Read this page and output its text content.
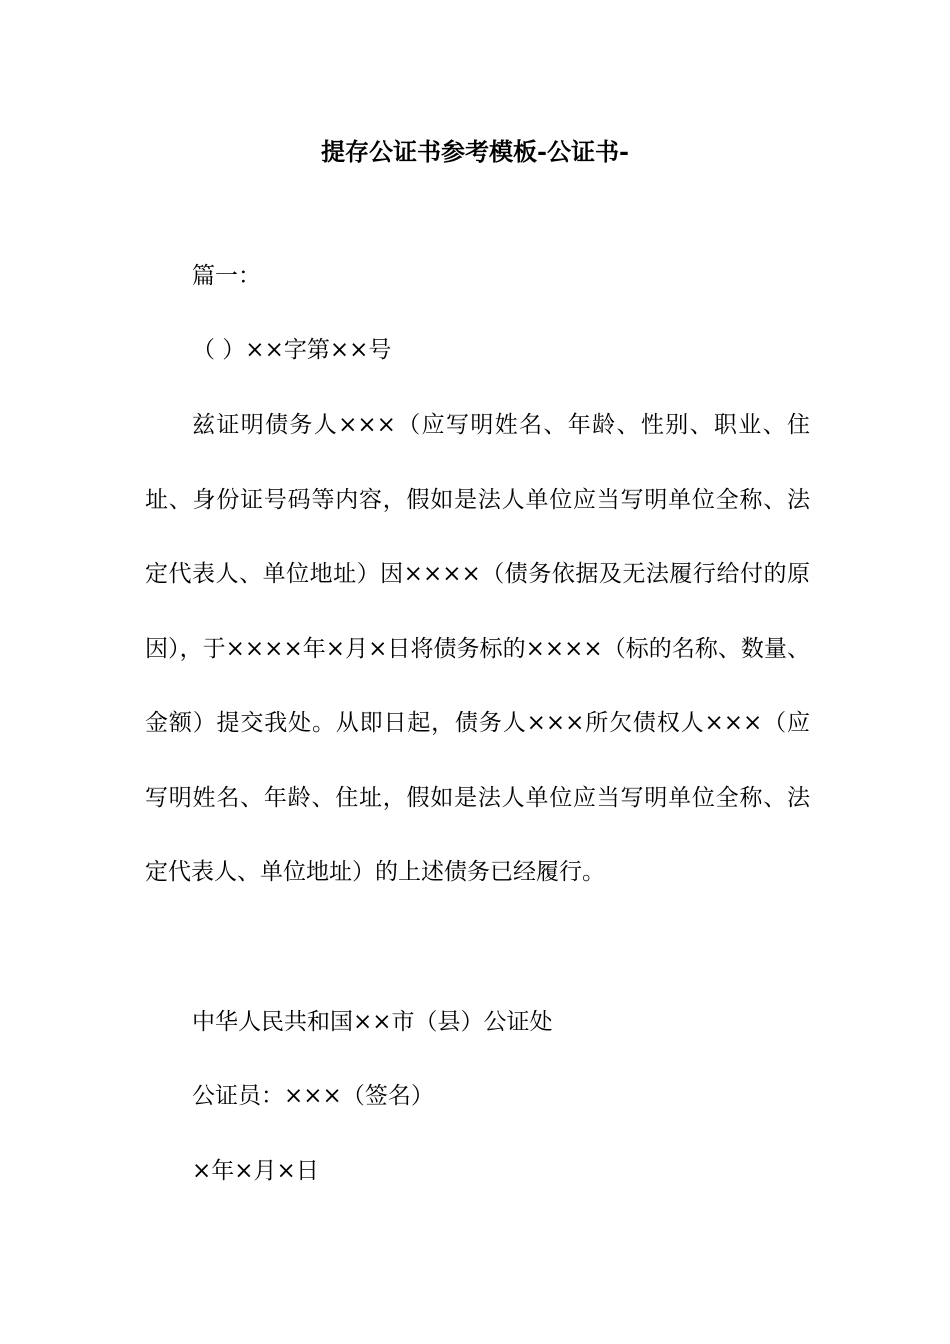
提存公证书参考模板-公证书-

篇一：

（ ）××字第××号

兹证明债务人×××（应写明姓名、年龄、性别、职业、住址、身份证号码等内容，假如是法人单位应当写明单位全称、法定代表人、单位地址）因××××（债务依据及无法履行给付的原因），于××××年×月×日将债务标的××××（标的名称、数量、金额）提交我处。从即日起，债务人×××所欠债权人×××（应写明姓名、年龄、住址，假如是法人单位应当写明单位全称、法定代表人、单位地址）的上述债务已经履行。

中华人民共和国××市（县）公证处

公证员：×××（签名）

×年×月×日
